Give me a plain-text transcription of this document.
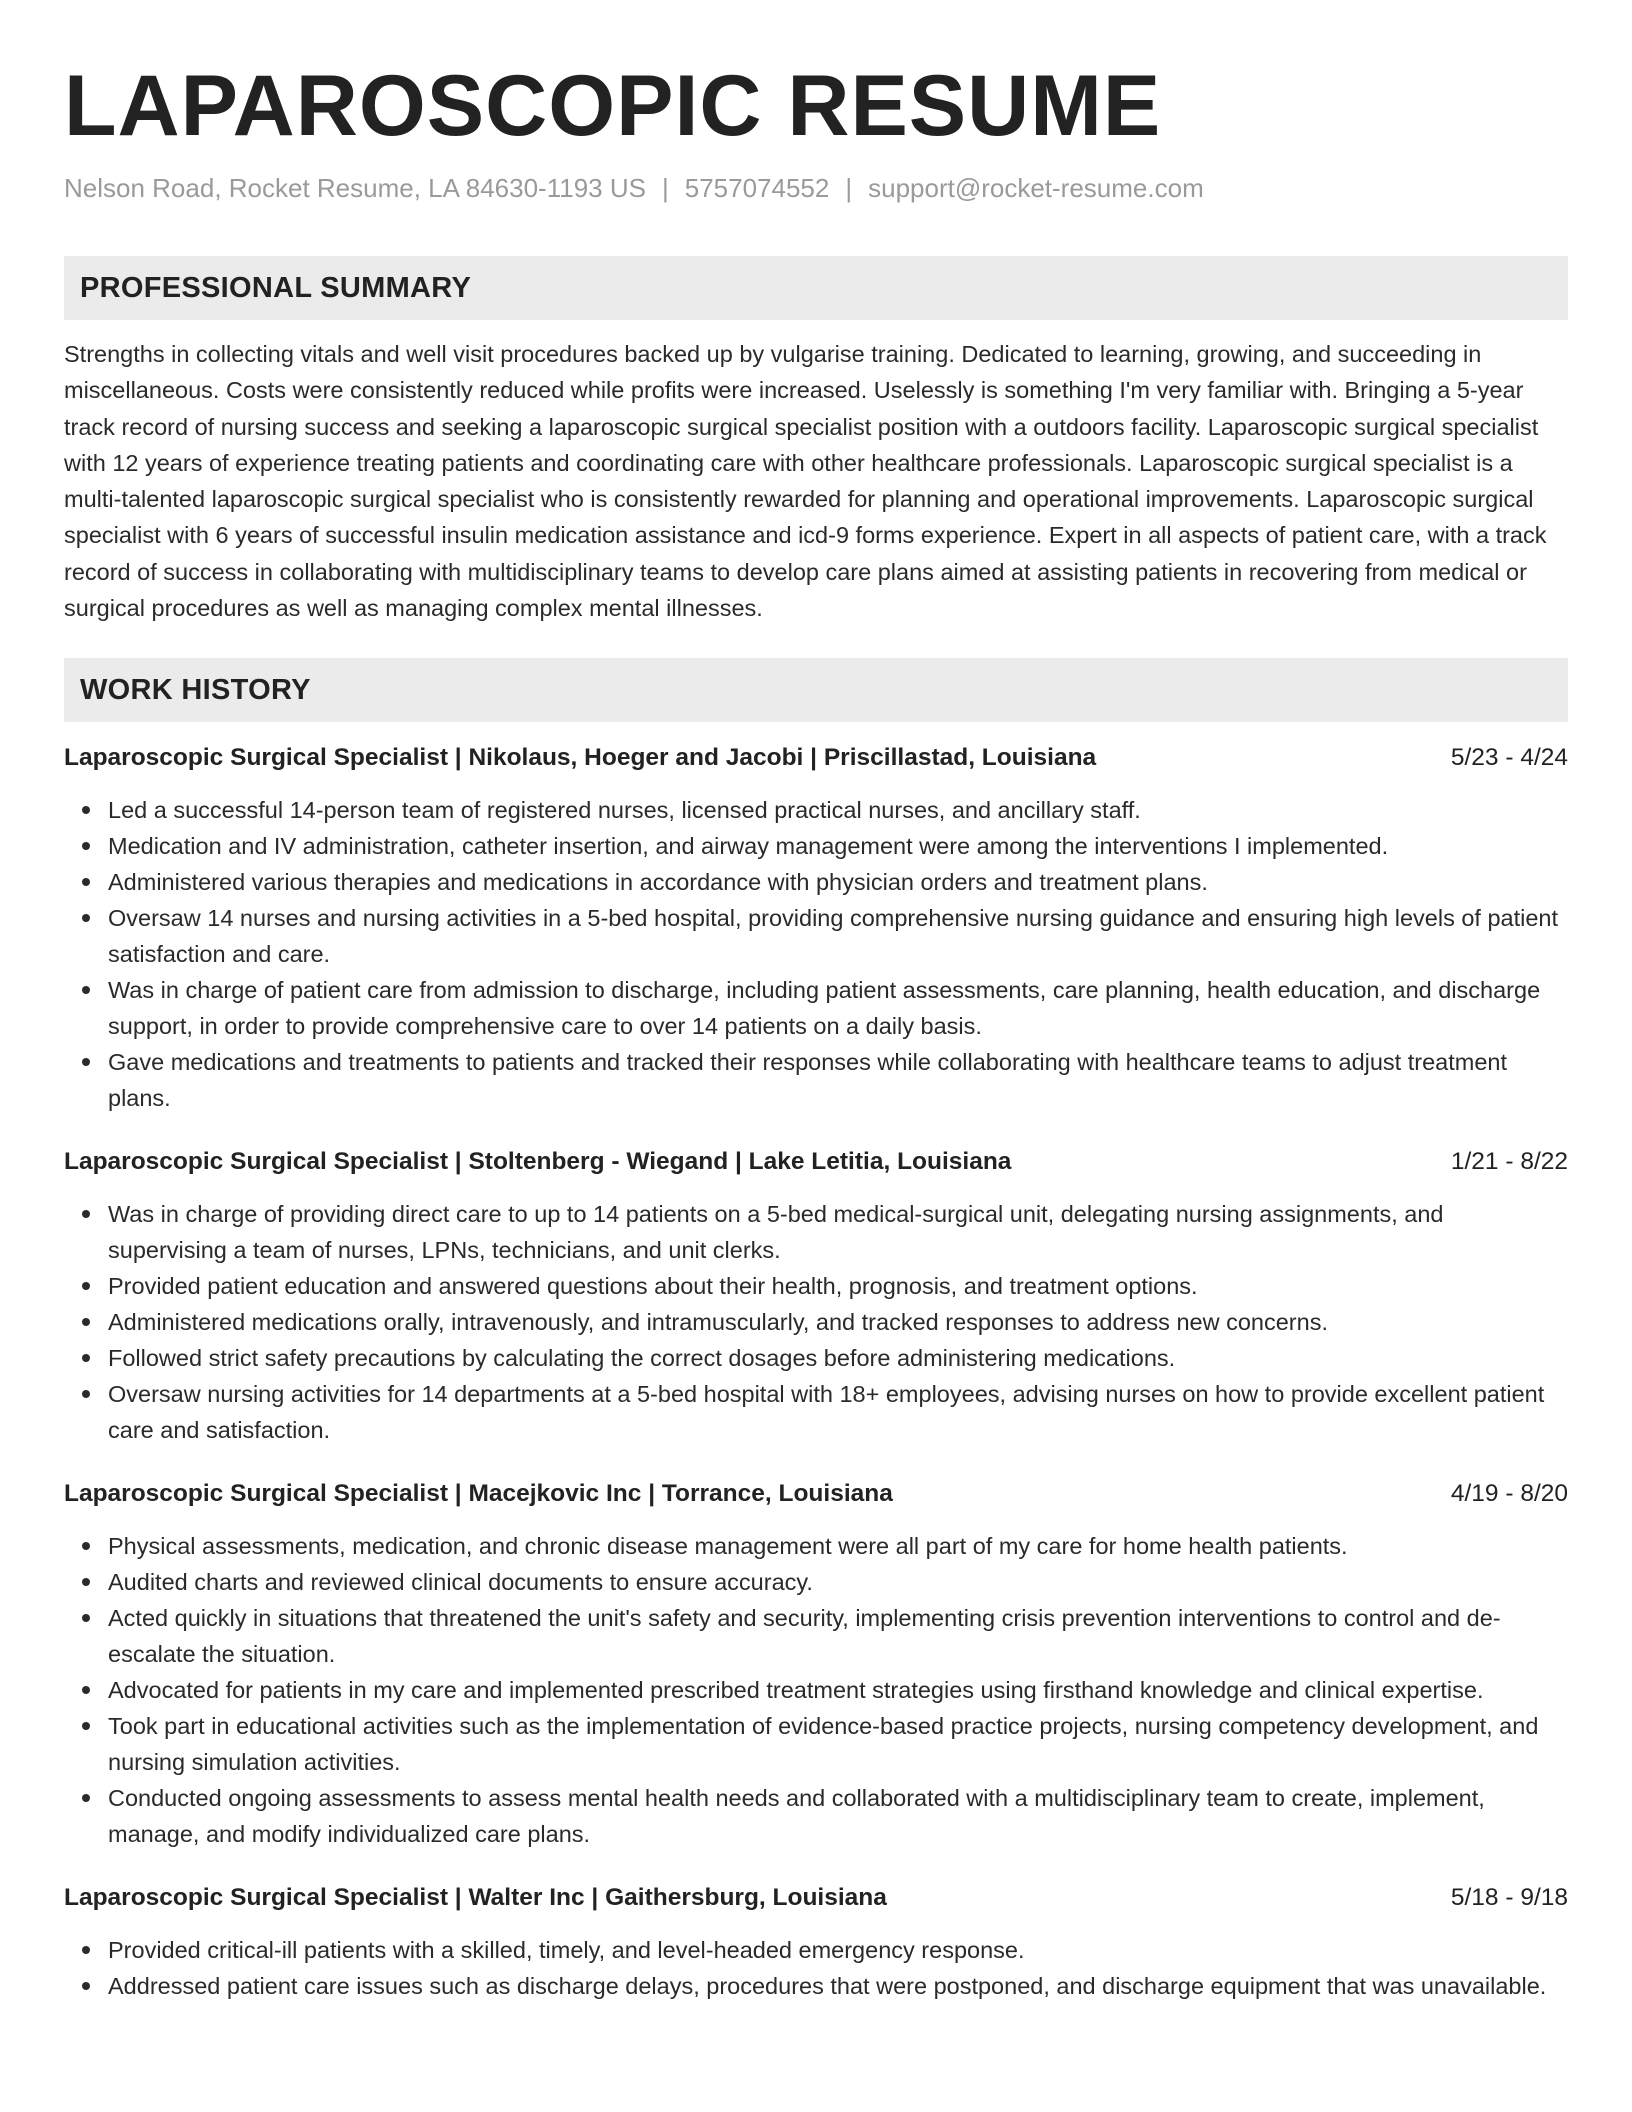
LAPAROSCOPIC RESUME
Nelson Road, Rocket Resume, LA 84630-1193 US | 5757074552 | support@rocket-resume.com
PROFESSIONAL SUMMARY

Strengths in collecting vitals and well visit procedures backed up by vulgarise training. Dedicated to learning, growing, and succeeding in miscellaneous. Costs were consistently reduced while profits were increased. Uselessly is something I'm very familiar with. Bringing a 5-year track record of nursing success and seeking a laparoscopic surgical specialist position with a outdoors facility. Laparoscopic surgical specialist with 12 years of experience treating patients and coordinating care with other healthcare professionals. Laparoscopic surgical specialist is a multi-talented laparoscopic surgical specialist who is consistently rewarded for planning and operational improvements. Laparoscopic surgical specialist with 6 years of successful insulin medication assistance and icd-9 forms experience. Expert in all aspects of patient care, with a track record of success in collaborating with multidisciplinary teams to develop care plans aimed at assisting patients in recovering from medical or surgical procedures as well as managing complex mental illnesses.

WORK HISTORY
Laparoscopic Surgical Specialist | Nikolaus, Hoeger and Jacobi | Priscillastad, Louisiana	5/23 - 4/24
Led a successful 14-person team of registered nurses, licensed practical nurses, and ancillary staff.
Medication and IV administration, catheter insertion, and airway management were among the interventions I implemented.
Administered various therapies and medications in accordance with physician orders and treatment plans.
Oversaw 14 nurses and nursing activities in a 5-bed hospital, providing comprehensive nursing guidance and ensuring high levels of patient satisfaction and care.
Was in charge of patient care from admission to discharge, including patient assessments, care planning, health education, and discharge support, in order to provide comprehensive care to over 14 patients on a daily basis.
Gave medications and treatments to patients and tracked their responses while collaborating with healthcare teams to adjust treatment plans.
Laparoscopic Surgical Specialist | Stoltenberg - Wiegand | Lake Letitia, Louisiana	1/21 - 8/22
Was in charge of providing direct care to up to 14 patients on a 5-bed medical-surgical unit, delegating nursing assignments, and supervising a team of nurses, LPNs, technicians, and unit clerks.
Provided patient education and answered questions about their health, prognosis, and treatment options.
Administered medications orally, intravenously, and intramuscularly, and tracked responses to address new concerns.
Followed strict safety precautions by calculating the correct dosages before administering medications.
Oversaw nursing activities for 14 departments at a 5-bed hospital with 18+ employees, advising nurses on how to provide excellent patient care and satisfaction.
Laparoscopic Surgical Specialist | Macejkovic Inc | Torrance, Louisiana	4/19 - 8/20
Physical assessments, medication, and chronic disease management were all part of my care for home health patients.
Audited charts and reviewed clinical documents to ensure accuracy.
Acted quickly in situations that threatened the unit's safety and security, implementing crisis prevention interventions to control and de-escalate the situation.
Advocated for patients in my care and implemented prescribed treatment strategies using firsthand knowledge and clinical expertise.
Took part in educational activities such as the implementation of evidence-based practice projects, nursing competency development, and nursing simulation activities.
Conducted ongoing assessments to assess mental health needs and collaborated with a multidisciplinary team to create, implement, manage, and modify individualized care plans.
Laparoscopic Surgical Specialist | Walter Inc | Gaithersburg, Louisiana	5/18 - 9/18
Provided critical-ill patients with a skilled, timely, and level-headed emergency response.
Addressed patient care issues such as discharge delays, procedures that were postponed, and discharge equipment that was unavailable.
